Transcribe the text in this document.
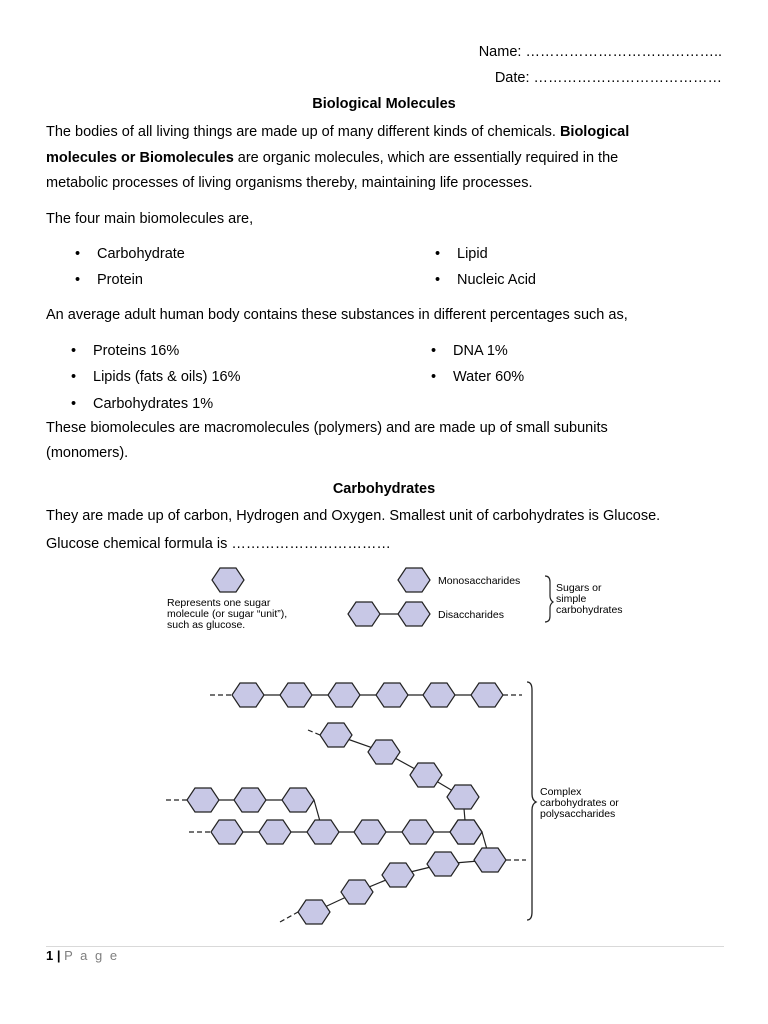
Name: …………………………………..
Date: …………………………………
Biological Molecules
The bodies of all living things are made up of many different kinds of chemicals. Biological
molecules or Biomolecules are organic molecules, which are essentially required in the
metabolic processes of living organisms thereby, maintaining life processes.
The four main biomolecules are,
• Carbohydrate
• Protein
• Lipid
• Nucleic Acid
An average adult human body contains these substances in different percentages such as,
• Proteins 16%
• Lipids (fats & oils) 16%
• Carbohydrates 1%
• DNA 1%
• Water 60%
These biomolecules are macromolecules (polymers) and are made up of small subunits
(monomers).
Carbohydrates
They are made up of carbon, Hydrogen and Oxygen. Smallest unit of carbohydrates is Glucose.
Glucose chemical formula is ……………………………
Represents one sugar
molecule (or sugar “unit”),
such as glucose.
Monosaccharides
Disaccharides
Sugars or
simple
carbohydrates
Complex
carbohydrates or
polysaccharides
1 | P a g e
